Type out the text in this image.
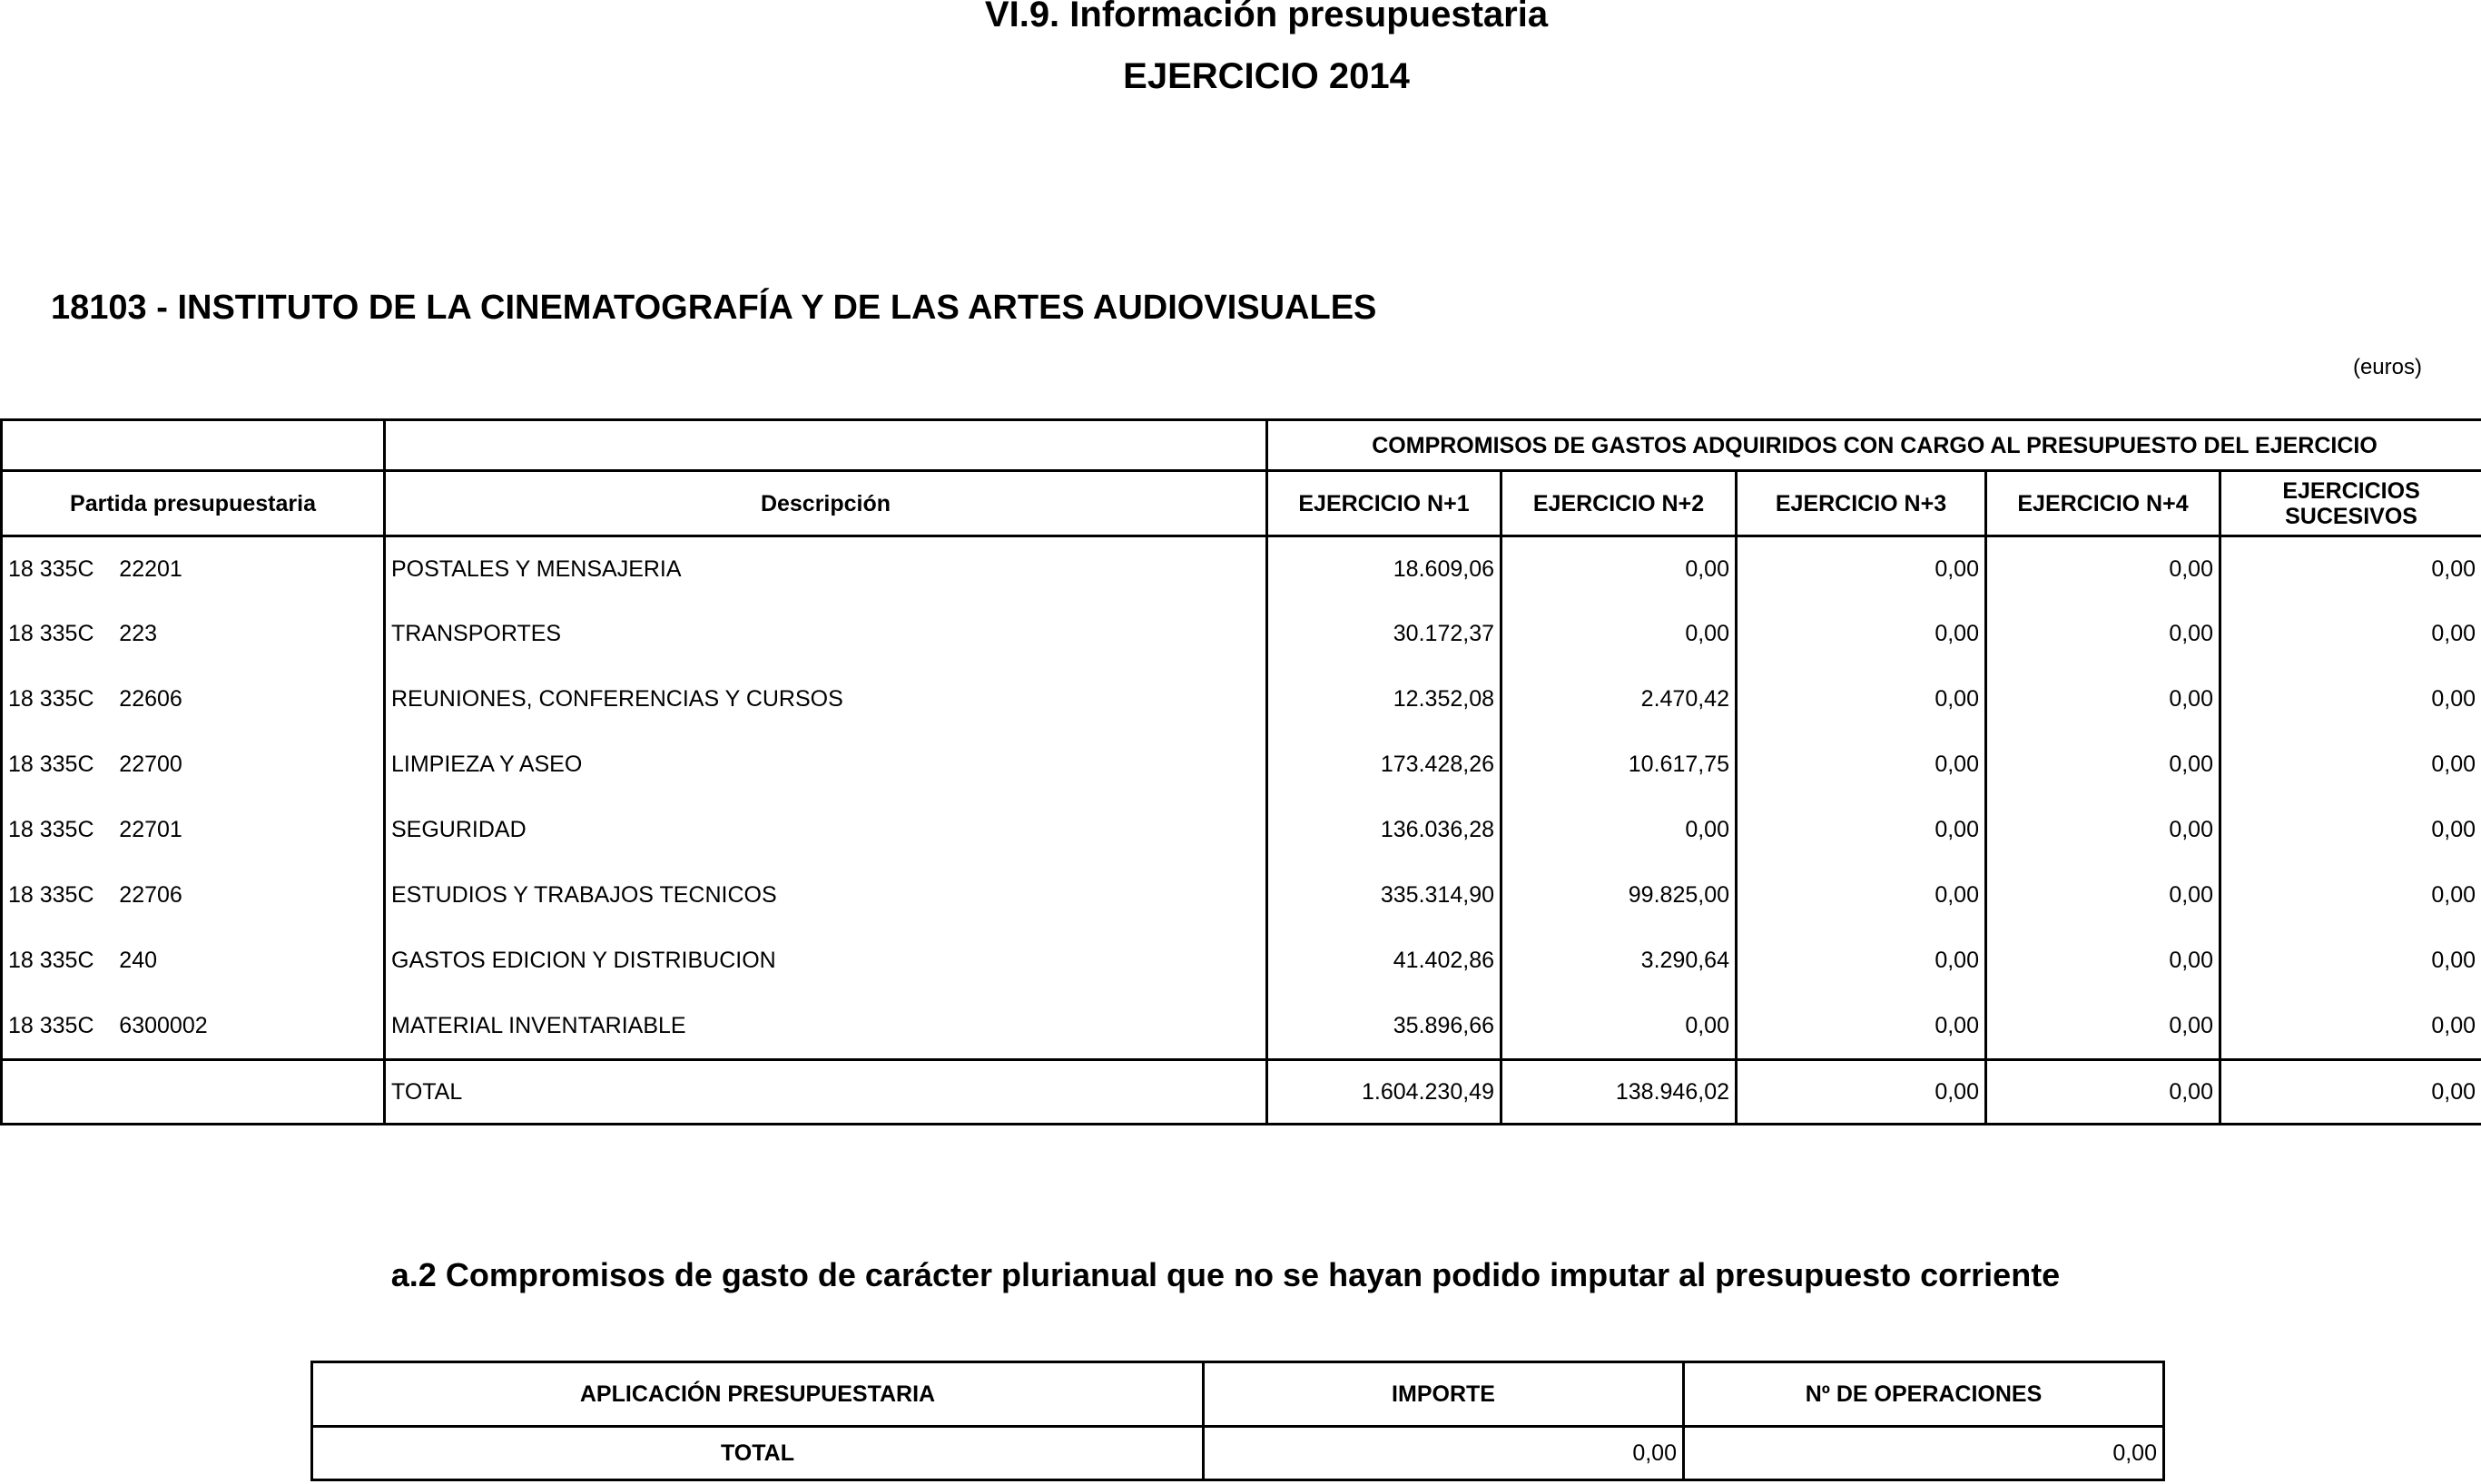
VI.9. Información presupuestaria
EJERCICIO 2014
18103 - INSTITUTO DE LA CINEMATOGRAFÍA Y DE LAS ARTES AUDIOVISUALES
(euros)
		COMPROMISOS DE GASTOS ADQUIRIDOS CON CARGO AL PRESUPUESTO DEL EJERCICIO				
Partida presupuestaria	Descripción	EJERCICIO N+1	EJERCICIO N+2	EJERCICIO N+3	EJERCICIO N+4	EJERCICIOS
SUCESIVOS
18 335C    22201	POSTALES Y MENSAJERIA	18.609,06	0,00	0,00	0,00	0,00
18 335C    223	TRANSPORTES	30.172,37	0,00	0,00	0,00	0,00
18 335C    22606	REUNIONES, CONFERENCIAS Y CURSOS	12.352,08	2.470,42	0,00	0,00	0,00
18 335C    22700	LIMPIEZA Y ASEO	173.428,26	10.617,75	0,00	0,00	0,00
18 335C    22701	SEGURIDAD	136.036,28	0,00	0,00	0,00	0,00
18 335C    22706	ESTUDIOS Y TRABAJOS TECNICOS	335.314,90	99.825,00	0,00	0,00	0,00
18 335C    240	GASTOS EDICION Y DISTRIBUCION	41.402,86	3.290,64	0,00	0,00	0,00
18 335C    6300002	MATERIAL INVENTARIABLE	35.896,66	0,00	0,00	0,00	0,00
	TOTAL	1.604.230,49	138.946,02	0,00	0,00	0,00
a.2 Compromisos de gasto de carácter plurianual que no se hayan podido imputar al presupuesto corriente
APLICACIÓN PRESUPUESTARIA	IMPORTE	Nº DE OPERACIONES
TOTAL	0,00	0,00
